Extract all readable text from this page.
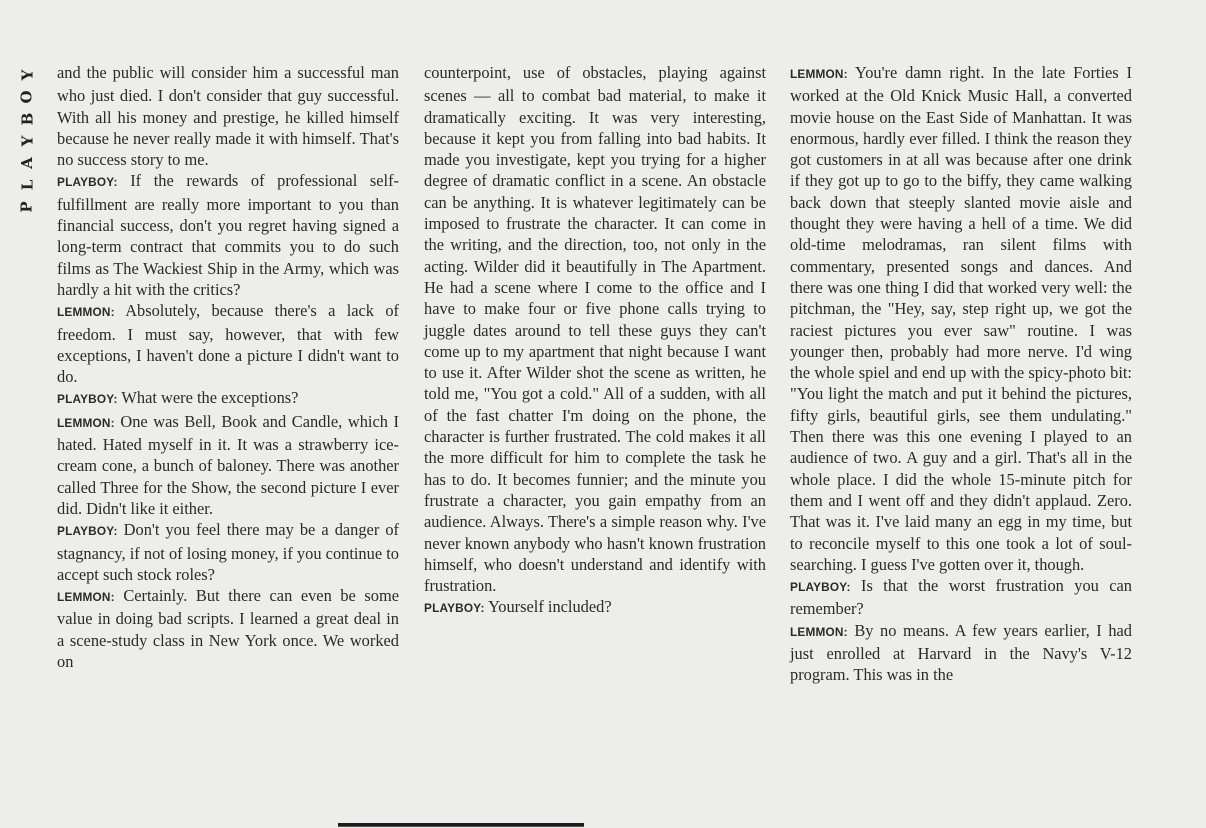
Y
O
B
Y
A
L
P

and the public will consider him a successful man who just died. I don't consider that guy successful. With all his money and prestige, he killed himself because he never really made it with himself. That's no success story to me.

PLAYBOY: If the rewards of professional self-fulfillment are really more important to you than financial success, don't you regret having signed a long-term contract that commits you to do such films as The Wackiest Ship in the Army, which was hardly a hit with the critics?

LEMMON: Absolutely, because there's a lack of freedom. I must say, however, that with few exceptions, I haven't done a picture I didn't want to do.

PLAYBOY: What were the exceptions?

LEMMON: One was Bell, Book and Candle, which I hated. Hated myself in it. It was a strawberry ice-cream cone, a bunch of baloney. There was another called Three for the Show, the second picture I ever did. Didn't like it either.

PLAYBOY: Don't you feel there may be a danger of stagnancy, if not of losing money, if you continue to accept such stock roles?

LEMMON: Certainly. But there can even be some value in doing bad scripts. I learned a great deal in a scene-study class in New York once. We worked on

counterpoint, use of obstacles, playing against scenes — all to combat bad material, to make it dramatically exciting. It was very interesting, because it kept you from falling into bad habits. It made you investigate, kept you trying for a higher degree of dramatic conflict in a scene. An obstacle can be anything. It is whatever legitimately can be imposed to frustrate the character. It can come in the writing, and the direction, too, not only in the acting. Wilder did it beautifully in The Apartment. He had a scene where I come to the office and I have to make four or five phone calls trying to juggle dates around to tell these guys they can't come up to my apartment that night because I want to use it. After Wilder shot the scene as written, he told me, "You got a cold." All of a sudden, with all of the fast chatter I'm doing on the phone, the character is further frustrated. The cold makes it all the more difficult for him to complete the task he has to do. It becomes funnier; and the minute you frustrate a character, you gain empathy from an audience. Always. There's a simple reason why. I've never known anybody who hasn't known frustration himself, who doesn't understand and identify with frustration.

PLAYBOY: Yourself included?

LEMMON: You're damn right. In the late Forties I worked at the Old Knick Music Hall, a converted movie house on the East Side of Manhattan. It was enormous, hardly ever filled. I think the reason they got customers in at all was because after one drink if they got up to go to the biffy, they came walking back down that steeply slanted movie aisle and thought they were having a hell of a time. We did old-time melodramas, ran silent films with commentary, presented songs and dances. And there was one thing I did that worked very well: the pitchman, the "Hey, say, step right up, we got the raciest pictures you ever saw" routine. I was younger then, probably had more nerve. I'd wing the whole spiel and end up with the spicy-photo bit: "You light the match and put it behind the pictures, fifty girls, beautiful girls, see them undulating." Then there was this one evening I played to an audience of two. A guy and a girl. That's all in the whole place. I did the whole 15-minute pitch for them and I went off and they didn't applaud. Zero. That was it. I've laid many an egg in my time, but to reconcile myself to this one took a lot of soul-searching. I guess I've gotten over it, though.

PLAYBOY: Is that the worst frustration you can remember?

LEMMON: By no means. A few years earlier, I had just enrolled at Harvard in the Navy's V-12 program. This was in the
